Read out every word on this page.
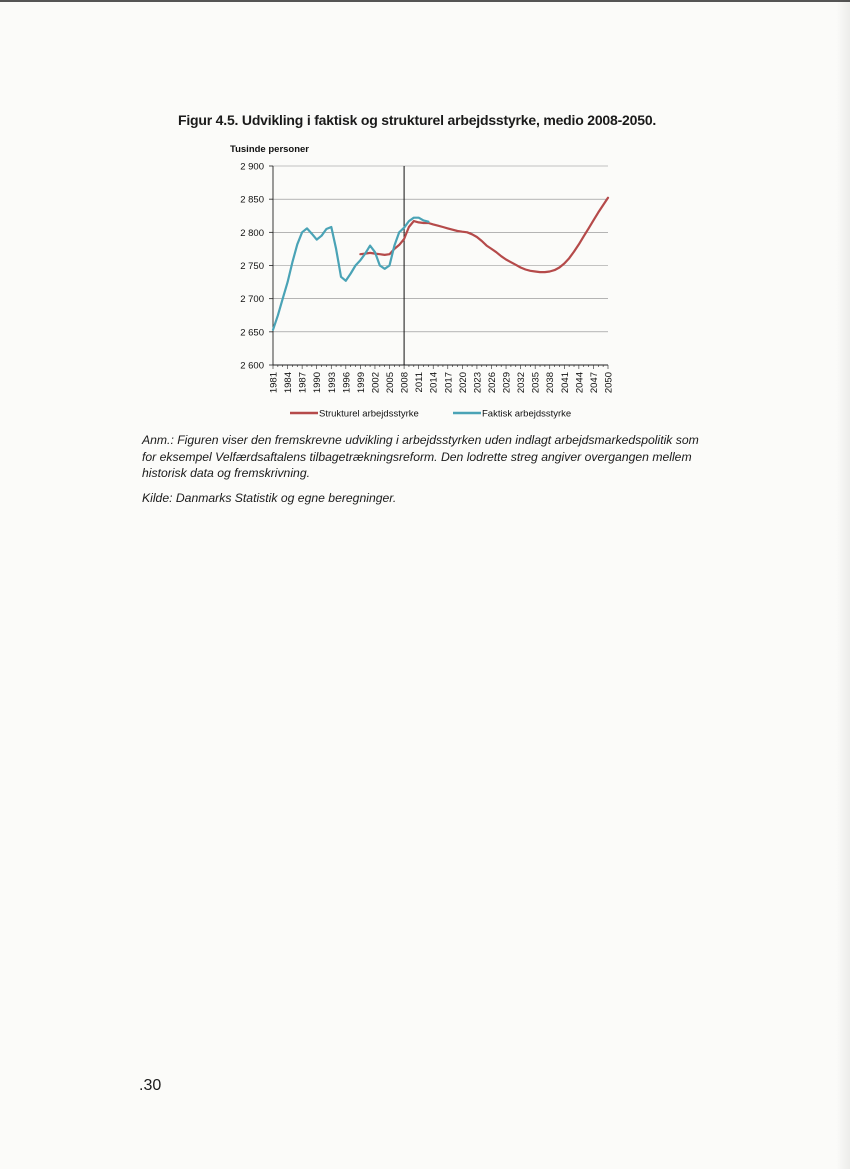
Figur 4.5. Udvikling i faktisk og strukturel arbejdsstyrke, medio 2008-2050.
Tusinde personer
2 900
2 850
2 800
2 750
2 700
2 650
2 600
1981 1984 1987 1990 1993 1996 1999 2002 2005 2008 2011 2014 2017 2020 2023 2026 2029 2032 2035 2038 2041 2044 2047 2050
Strukturel arbejdsstyrke	Faktisk arbejdsstyrke
Anm.: Figuren viser den fremskrevne udvikling i arbejdsstyrken uden indlagt arbejdsmarkedspolitik som for eksempel Velfærdsaftalens tilbagetrækningsreform. Den lodrette streg angiver overgangen mellem historisk data og fremskrivning.
Kilde: Danmarks Statistik og egne beregninger.
.30
